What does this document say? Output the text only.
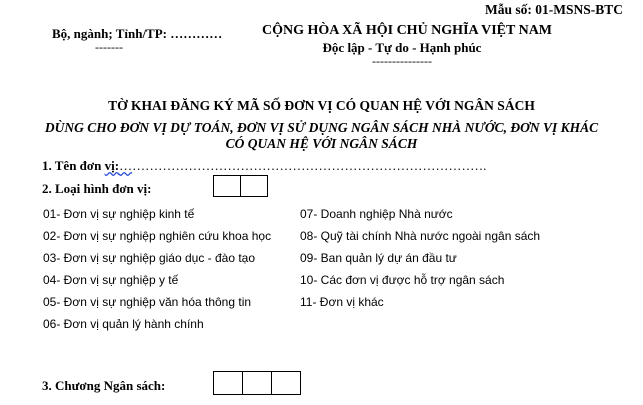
Mẫu số: 01-MSNS-BTC
Bộ, ngành; Tỉnh/TP: …………
-------
CỘNG HÒA XÃ HỘI CHỦ NGHĨA VIỆT NAM
Độc lập - Tự do - Hạnh phúc
---------------
TỜ KHAI ĐĂNG KÝ MÃ SỐ ĐƠN VỊ CÓ QUAN HỆ VỚI NGÂN SÁCH
DÙNG CHO ĐƠN VỊ DỰ TOÁN, ĐƠN VỊ SỬ DỤNG NGÂN SÁCH NHÀ NƯỚC, ĐƠN VỊ KHÁC CÓ QUAN HỆ VỚI NGÂN SÁCH
1. Tên đơn vị:………………………………………………………………………….
2. Loại hình đơn vị:
01- Đơn vị sự nghiệp kinh tế
02- Đơn vị sự nghiệp nghiên cứu khoa học
03- Đơn vị sự nghiệp giáo dục - đào tạo
04- Đơn vị sự nghiệp y tế
05- Đơn vị sự nghiệp văn hóa thông tin
06- Đơn vị quản lý hành chính
07- Doanh nghiệp Nhà nước
08- Quỹ tài chính Nhà nước ngoài ngân sách
09- Ban quản lý dự án đầu tư
10- Các đơn vị được hỗ trợ ngân sách
11- Đơn vị khác
3. Chương Ngân sách:
